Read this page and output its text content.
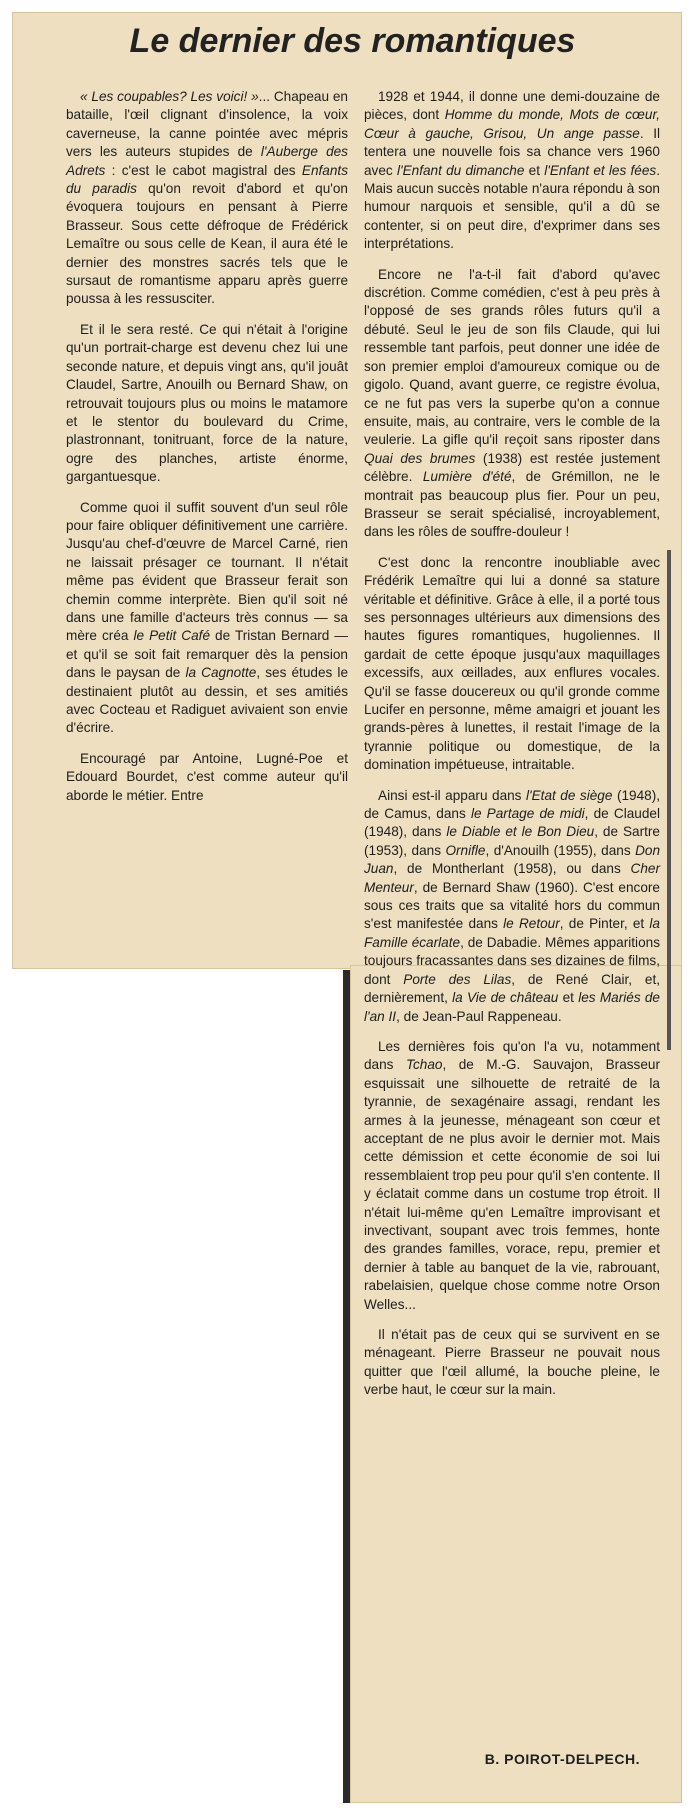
Le dernier des romantiques

« Les coupables? Les voici! »... Chapeau en bataille, l'œil clignant d'insolence, la voix caverneuse, la canne pointée avec mépris vers les auteurs stupides de l'Auberge des Adrets : c'est le cabot magistral des Enfants du paradis qu'on revoit d'abord et qu'on évoquera toujours en pensant à Pierre Brasseur. Sous cette défroque de Frédérick Lemaître ou sous celle de Kean, il aura été le dernier des monstres sacrés tels que le sursaut de romantisme apparu après guerre poussa à les ressusciter.

Et il le sera resté. Ce qui n'était à l'origine qu'un portrait-charge est devenu chez lui une seconde nature, et depuis vingt ans, qu'il jouât Claudel, Sartre, Anouilh ou Bernard Shaw, on retrouvait toujours plus ou moins le matamore et le stentor du boulevard du Crime, plastronnant, tonitruant, force de la nature, ogre des planches, artiste énorme, gargantuesque.

Comme quoi il suffit souvent d'un seul rôle pour faire obliquer définitivement une carrière. Jusqu'au chef-d'œuvre de Marcel Carné, rien ne laissait présager ce tournant. Il n'était même pas évident que Brasseur ferait son chemin comme interprète. Bien qu'il soit né dans une famille d'acteurs très connus — sa mère créa le Petit Café de Tristan Bernard — et qu'il se soit fait remarquer dès la pension dans le paysan de la Cagnotte, ses études le destinaient plutôt au dessin, et ses amitiés avec Cocteau et Radiguet avivaient son envie d'écrire.

Encouragé par Antoine, Lugné-Poe et Edouard Bourdet, c'est comme auteur qu'il aborde le métier. Entre

1928 et 1944, il donne une demi-douzaine de pièces, dont Homme du monde, Mots de cœur, Cœur à gauche, Grisou, Un ange passe. Il tentera une nouvelle fois sa chance vers 1960 avec l'Enfant du dimanche et l'Enfant et les fées. Mais aucun succès notable n'aura répondu à son humour narquois et sensible, qu'il a dû se contenter, si on peut dire, d'exprimer dans ses interprétations.

Encore ne l'a-t-il fait d'abord qu'avec discrétion. Comme comédien, c'est à peu près à l'opposé de ses grands rôles futurs qu'il a débuté. Seul le jeu de son fils Claude, qui lui ressemble tant parfois, peut donner une idée de son premier emploi d'amoureux comique ou de gigolo. Quand, avant guerre, ce registre évolua, ce ne fut pas vers la superbe qu'on a connue ensuite, mais, au contraire, vers le comble de la veulerie. La gifle qu'il reçoit sans riposter dans Quai des brumes (1938) est restée justement célèbre. Lumière d'été, de Grémillon, ne le montrait pas beaucoup plus fier. Pour un peu, Brasseur se serait spécialisé, incroyablement, dans les rôles de souffre-douleur !

C'est donc la rencontre inoubliable avec Frédérik Lemaître qui lui a donné sa stature véritable et définitive. Grâce à elle, il a porté tous ses personnages ultérieurs aux dimensions des hautes figures romantiques, hugoliennes. Il gardait de cette époque jusqu'aux maquillages excessifs, aux œillades, aux enflures vocales. Qu'il se fasse doucereux ou qu'il gronde comme Lucifer en personne, même amaigri et jouant les grands-pères à lunettes, il restait l'image de la tyrannie politique ou domestique, de la domination impétueuse, intraitable.

Ainsi est-il apparu dans l'Etat de siège (1948), de Camus, dans le Partage de midi, de Claudel (1948), dans le Diable et le Bon Dieu, de Sartre (1953), dans Ornifle, d'Anouilh (1955), dans Don Juan, de Montherlant (1958), ou dans Cher Menteur, de Bernard Shaw (1960). C'est encore sous ces traits que sa vitalité hors du commun s'est manifestée dans le Retour, de Pinter, et la Famille écarlate, de Dabadie. Mêmes apparitions toujours fracassantes dans ses dizaines de films, dont Porte des Lilas, de René Clair, et, dernièrement, la Vie de château et les Mariés de l'an II, de Jean-Paul Rappeneau.

Les dernières fois qu'on l'a vu, notamment dans Tchao, de M.-G. Sauvajon, Brasseur esquissait une silhouette de retraité de la tyrannie, de sexagénaire assagi, rendant les armes à la jeunesse, ménageant son cœur et acceptant de ne plus avoir le dernier mot. Mais cette démission et cette économie de soi lui ressemblaient trop peu pour qu'il s'en contente. Il y éclatait comme dans un costume trop étroit. Il n'était lui-même qu'en Lemaître improvisant et invectivant, soupant avec trois femmes, honte des grandes familles, vorace, repu, premier et dernier à table au banquet de la vie, rabrouant, rabelaisien, quelque chose comme notre Orson Welles...

Il n'était pas de ceux qui se survivent en se ménageant. Pierre Brasseur ne pouvait nous quitter que l'œil allumé, la bouche pleine, le verbe haut, le cœur sur la main.

B. POIROT-DELPECH.
